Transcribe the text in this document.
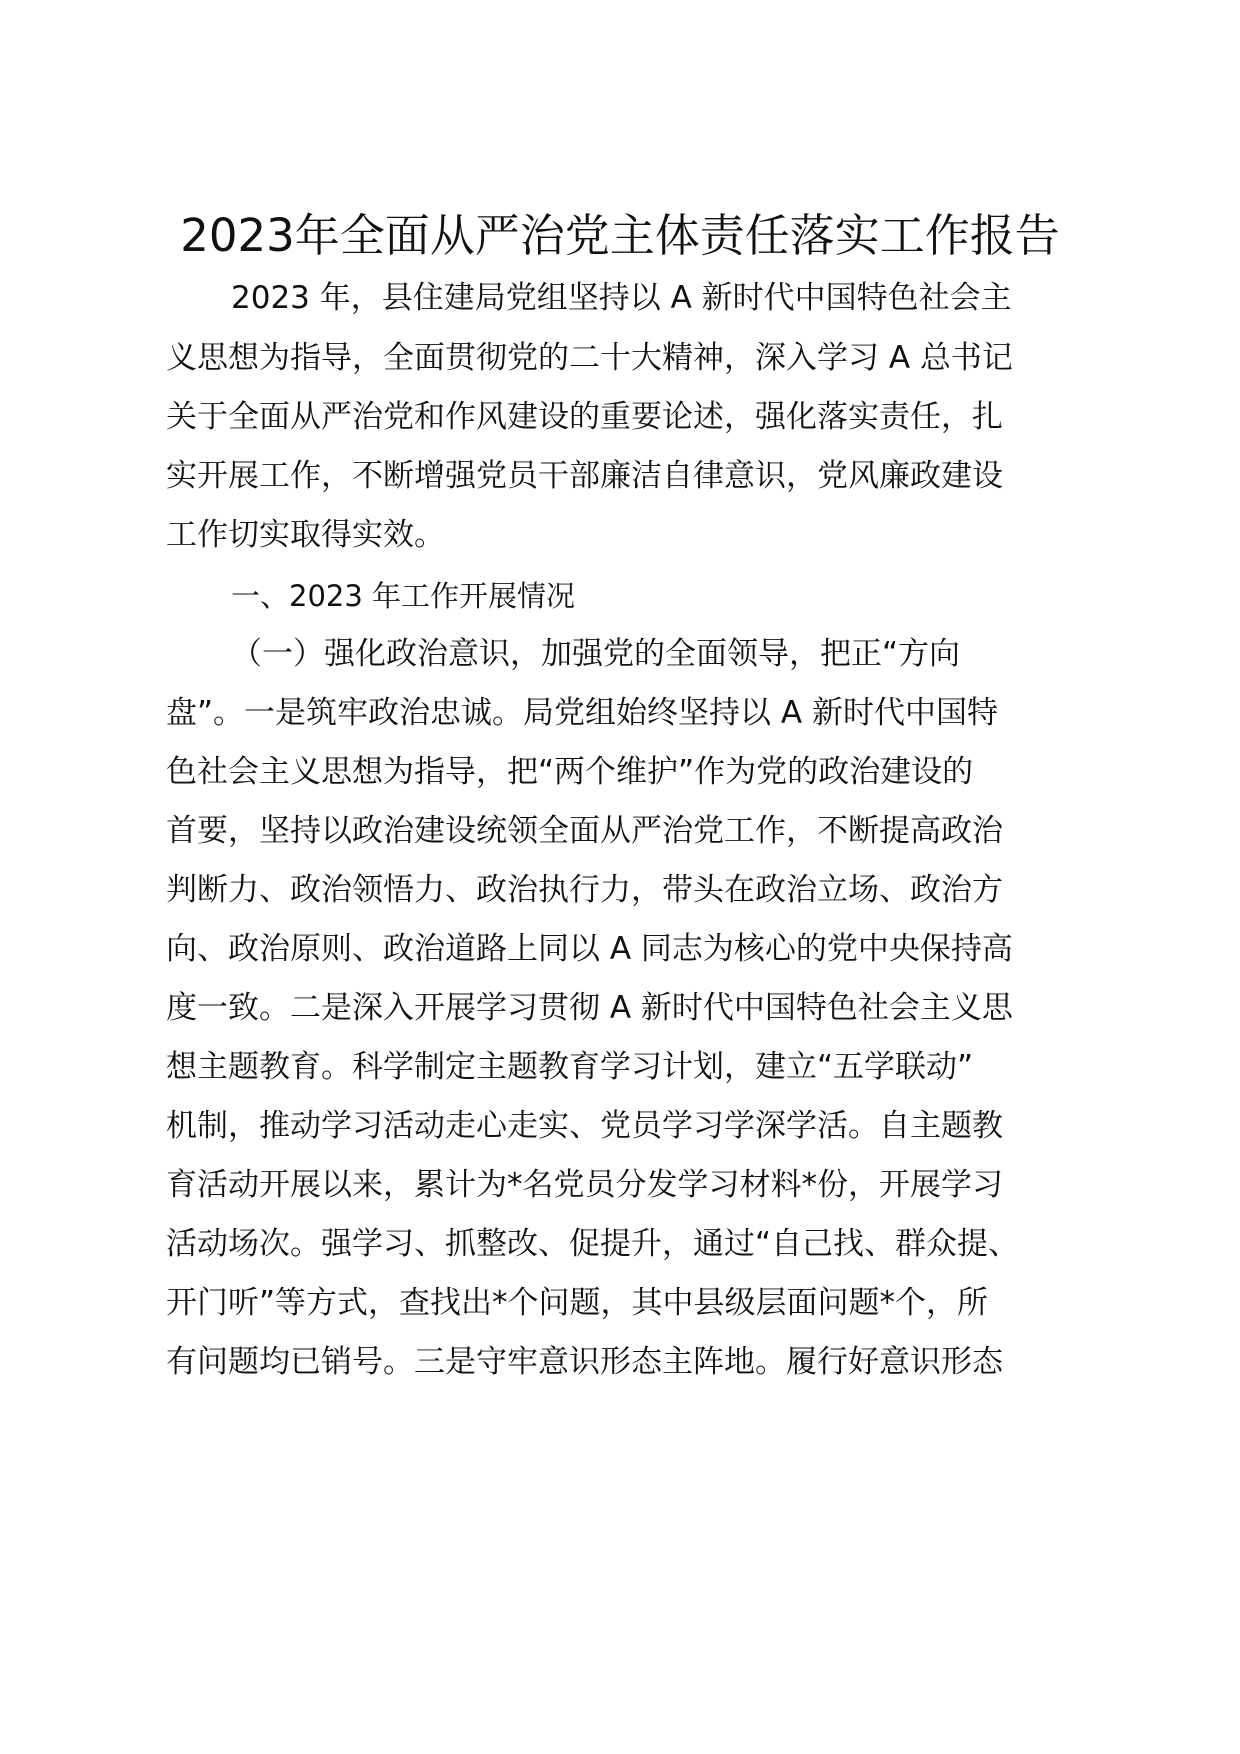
2023年全面从严治党主体责任落实工作报告

2023 年，县住建局党组坚持以 A 新时代中国特色社会主

义思想为指导，全面贯彻党的二十大精神，深入学习 A 总书记

关于全面从严治党和作风建设的重要论述，强化落实责任，扎

实开展工作，不断增强党员干部廉洁自律意识，党风廉政建设

工作切实取得实效。

一、2023 年工作开展情况

（一）强化政治意识，加强党的全面领导，把正“方向

盘”。一是筑牢政治忠诚。局党组始终坚持以 A 新时代中国特

色社会主义思想为指导，把“两个维护”作为党的政治建设的

首要，坚持以政治建设统领全面从严治党工作，不断提高政治

判断力、政治领悟力、政治执行力，带头在政治立场、政治方

向、政治原则、政治道路上同以 A 同志为核心的党中央保持高

度一致。二是深入开展学习贯彻 A 新时代中国特色社会主义思

想主题教育。科学制定主题教育学习计划，建立“五学联动”

机制，推动学习活动走心走实、党员学习学深学活。自主题教

育活动开展以来，累计为*名党员分发学习材料*份，开展学习

活动场次。强学习、抓整改、促提升，通过“自己找、群众提、

开门听”等方式，查找出*个问题，其中县级层面问题*个，所

有问题均已销号。三是守牢意识形态主阵地。履行好意识形态
